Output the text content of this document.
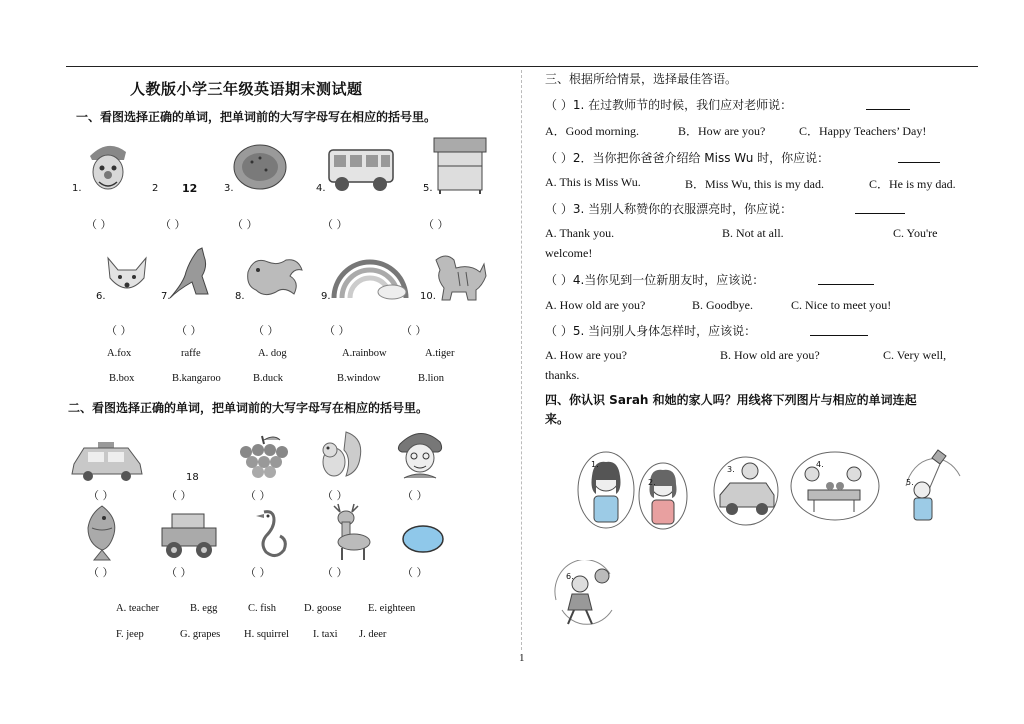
人教版小学三年级英语期末测试题
一、看图选择正确的单词，把单词前的大写字母写在相应的括号里。
1.	2 12	3.	4.	5.
（ ）	（ ）	（ ）	（ ）	（ ）
6.	7.	8.	9.	10.
（ ）	（ ）	（ ）	（ ）	（ ）
A.fox	raffe	A. dog	A.rainbow	A.tiger
B.box	B.kangaroo	B.duck	B.window	B.lion
二、看图选择正确的单词，把单词前的大写字母写在相应的括号里。
18
（ ）	（ ）	（ ）	（ ）	（ ）
（ ）	（ ）	（ ）	（ ）	（ ）
A. teacher	B. egg	C. fish	D. goose	E. eighteen
F. jeep	G. grapes H. squirrel I. taxi J. deer
三、根据所给情景，选择最佳答语。
（ ）1. 在过教师节的时候，我们应对老师说：
A．Good morning.	B．How are you?	C．Happy Teachers’ Day!
（ ）2．当你把你爸爸介绍给 Miss Wu 时，你应说：
A. This is Miss Wu.	B．Miss Wu, this is my dad.	C．He is my dad.
（ ）3. 当别人称赞你的衣服漂亮时，你应说：
A. Thank you.	B. Not at all.	C. You're
welcome!
（ ）4.当你见到一位新朋友时，应该说：
A. How old are you?	B. Goodbye.	C. Nice to meet you!
（ ）5. 当问别人身体怎样时，应该说：
A. How are you?	B. How old are you?	C. Very well,
thanks.
四、你认识 Sarah 和她的家人吗？用线将下列图片与相应的单词连起
来。
1.
2.
3.
4.
5.
6.
1
